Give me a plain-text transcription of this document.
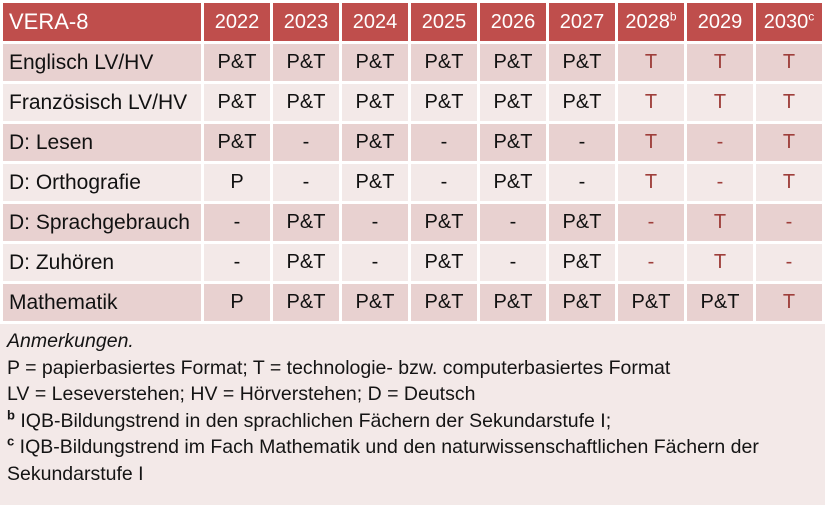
VERA-8	2022	2023	2024	2025	2026	2027	2028$^b$	2029	2030$^c$
Englisch LV/HV	P&T	P&T	P&T	P&T	P&T	P&T	T	T	T
Französisch LV/HV	P&T	P&T	P&T	P&T	P&T	P&T	T	T	T
D: Lesen	P&T	-	P&T	-	P&T	-	T	-	T
D: Orthografie	P	-	P&T	-	P&T	-	T	-	T
D: Sprachgebrauch	-	P&T	-	P&T	-	P&T	-	T	-
D: Zuhören	-	P&T	-	P&T	-	P&T	-	T	-
Mathematik	P	P&T	P&T	P&T	P&T	P&T	P&T	P&T	T
Anmerkungen.
P = papierbasiertes Format; T = technologie- bzw. computerbasiertes Format
LV = Leseverstehen; HV = Hörverstehen; D = Deutsch
$^b$ IQB-Bildungstrend in den sprachlichen Fächern der Sekundarstufe I;
$^c$ IQB-Bildungstrend im Fach Mathematik und den naturwissenschaftlichen Fächern der Sekundarstufe I
